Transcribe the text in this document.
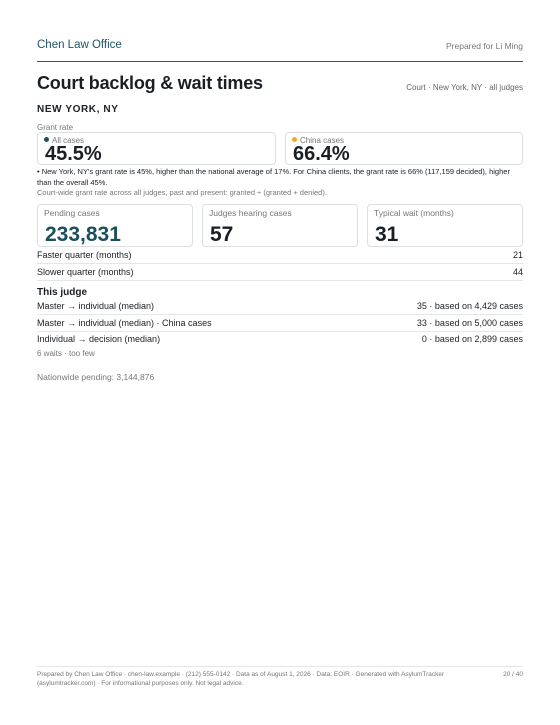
Chen Law Office	Prepared for Li Ming
Court backlog & wait times	Court · New York, NY · all judges
NEW YORK, NY
Grant rate
All cases
45.5%
China cases
66.4%
• New York, NY's grant rate is 45%, higher than the national average of 17%. For China clients, the grant rate is 66% (117,159 decided), higher than the overall 45%.
Court-wide grant rate across all judges, past and present: granted ÷ (granted + denied).
Pending cases
233,831
Judges hearing cases
57
Typical wait (months)
31
Faster quarter (months)	21
Slower quarter (months)	44
This judge
Master → individual (median)	35 · based on 4,429 cases
Master → individual (median) · China cases	33 · based on 5,000 cases
Individual → decision (median)	0 · based on 2,899 cases
6 waits · too few
Nationwide pending: 3,144,876
Prepared by Chen Law Office · chen-law.example · (212) 555-0142 · Data as of August 1, 2026 · Data: EOIR · Generated with AsylumTracker (asylumtracker.com) · For informational purposes only. Not legal advice.
20 / 40
